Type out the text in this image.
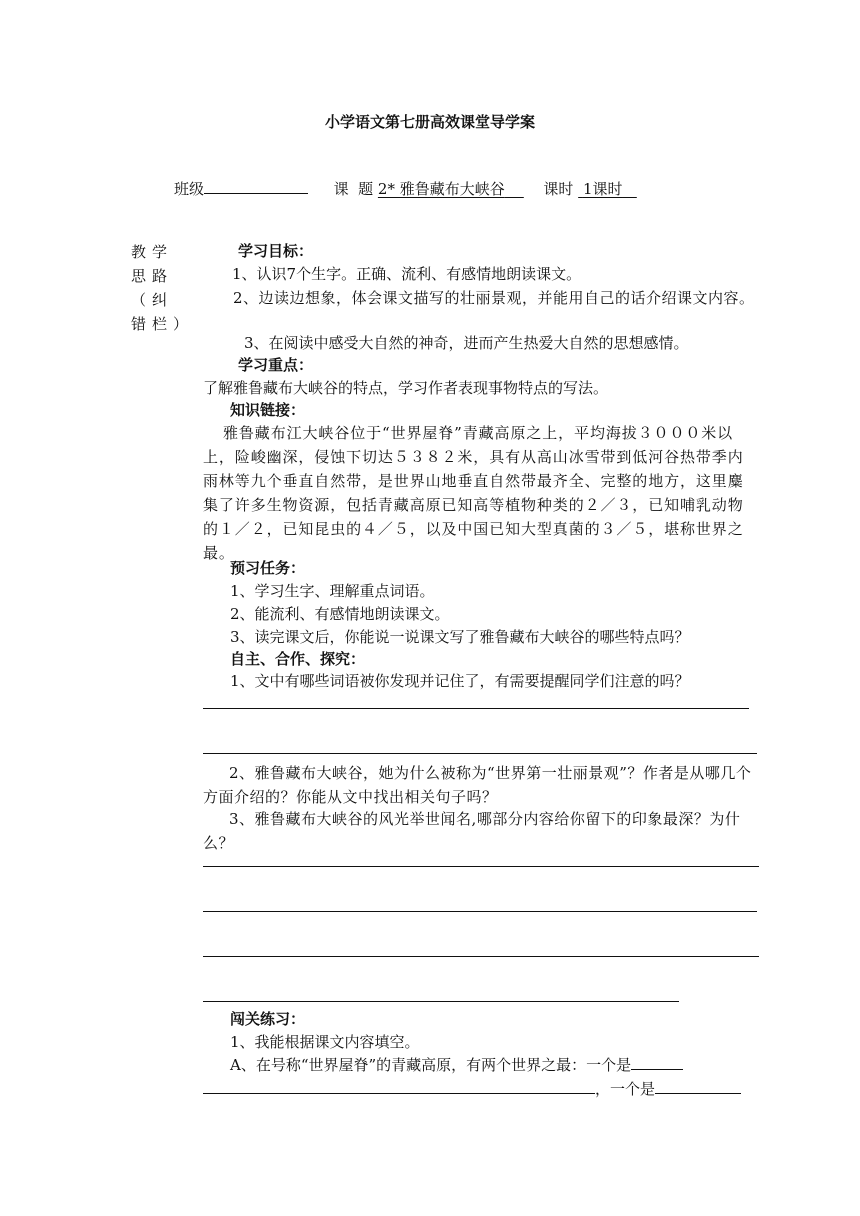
小学语文第七册高效课堂导学案
班级	课  题 2* 雅鲁藏布大峡谷	课时 1课时
教学思路（纠错栏）
学习目标：
1、认识7个生字。正确、流利、有感情地朗读课文。
2、边读边想象，体会课文描写的壮丽景观，并能用自己的话介绍课文内容。
3、在阅读中感受大自然的神奇，进而产生热爱大自然的思想感情。
学习重点：
了解雅鲁藏布大峡谷的特点，学习作者表现事物特点的写法。
知识链接：
雅鲁藏布江大峡谷位于“世界屋脊”青藏高原之上，平均海拔３０００米以上，险峻幽深，侵蚀下切达５３８２米，具有从高山冰雪带到低河谷热带季内雨林等九个垂直自然带，是世界山地垂直自然带最齐全、完整的地方，这里麋集了许多生物资源，包括青藏高原已知高等植物种类的２／３，已知哺乳动物的１／２，已知昆虫的４／５，以及中国已知大型真菌的３／５，堪称世界之最。
预习任务：
1、学习生字、理解重点词语。
2、能流利、有感情地朗读课文。
3、读完课文后，你能说一说课文写了雅鲁藏布大峡谷的哪些特点吗？
自主、合作、探究：
1、文中有哪些词语被你发现并记住了，有需要提醒同学们注意的吗？
2、雅鲁藏布大峡谷，她为什么被称为“世界第一壮丽景观”？作者是从哪几个方面介绍的？你能从文中找出相关句子吗？
3、雅鲁藏布大峡谷的风光举世闻名,哪部分内容给你留下的印象最深？为什么？
闯关练习：
1、我能根据课文内容填空。
A、在号称“世界屋脊”的青藏高原，有两个世界之最：一个是
，一个是
